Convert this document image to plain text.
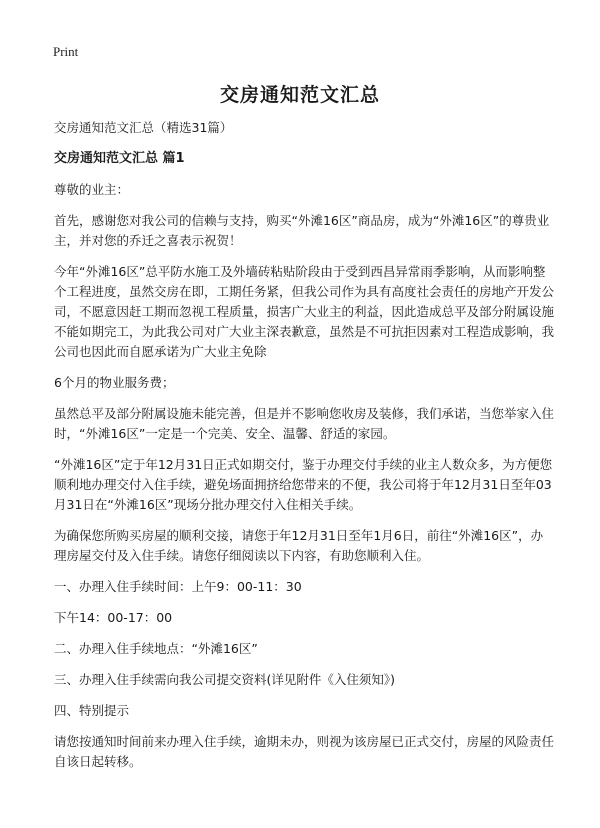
Print
交房通知范文汇总

交房通知范文汇总（精选31篇）

交房通知范文汇总 篇1

尊敬的业主：

首先，感谢您对我公司的信赖与支持，购买“外滩16区”商品房，成为“外滩16区”的尊贵业主，并对您的乔迁之喜表示祝贺！

今年“外滩16区”总平防水施工及外墙砖粘贴阶段由于受到西昌异常雨季影响，从而影响整个工程进度，虽然交房在即，工期任务紧，但我公司作为具有高度社会责任的房地产开发公司，不愿意因赶工期而忽视工程质量，损害广大业主的利益，因此造成总平及部分附属设施不能如期完工，为此我公司对广大业主深表歉意，虽然是不可抗拒因素对工程造成影响，我公司也因此而自愿承诺为广大业主免除

6个月的物业服务费；

虽然总平及部分附属设施未能完善，但是并不影响您收房及装修，我们承诺，当您举家入住时，“外滩16区”一定是一个完美、安全、温馨、舒适的家园。

“外滩16区”定于年12月31日正式如期交付，鉴于办理交付手续的业主人数众多，为方便您顺利地办理交付入住手续，避免场面拥挤给您带来的不便，我公司将于年12月31日至年03月31日在“外滩16区”现场分批办理交付入住相关手续。

为确保您所购买房屋的顺利交接，请您于年12月31日至年1月6日，前往“外滩16区”，办理房屋交付及入住手续。请您仔细阅读以下内容，有助您顺利入住。

一、办理入住手续时间：上午9：00-11：30

下午14：00-17：00

二、办理入住手续地点：“外滩16区”

三、办理入住手续需向我公司提交资料(详见附件《入住须知》)

四、特别提示

请您按通知时间前来办理入住手续，逾期未办，则视为该房屋已正式交付，房屋的风险责任自该日起转移。
